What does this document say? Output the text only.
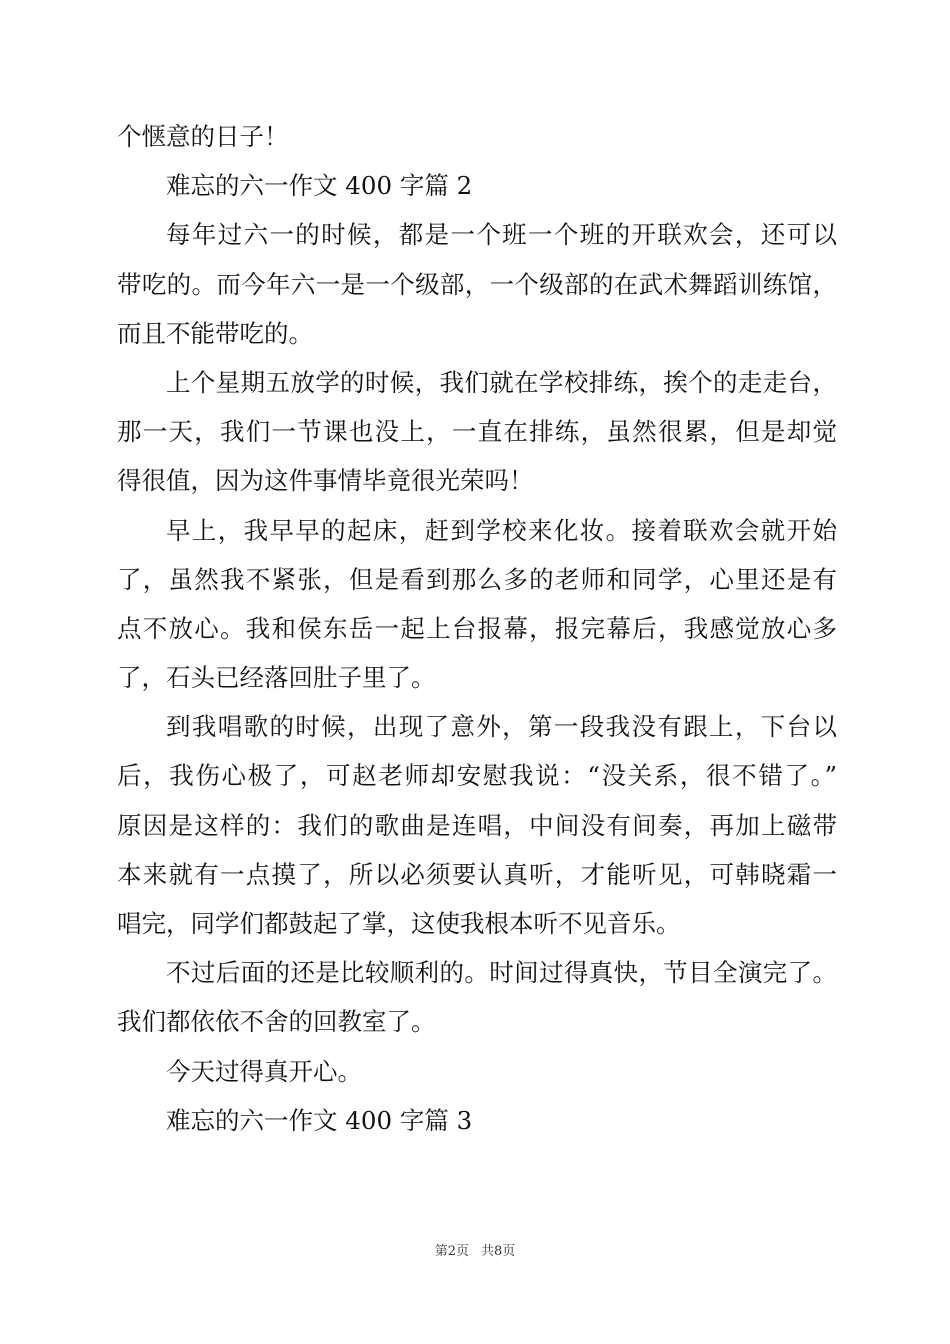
个惬意的日子！
难忘的六一作文 400 字篇 2
每年过六一的时候，都是一个班一个班的开联欢会，还可以
带吃的。而今年六一是一个级部，一个级部的在武术舞蹈训练馆，
而且不能带吃的。
上个星期五放学的时候，我们就在学校排练，挨个的走走台，
那一天，我们一节课也没上，一直在排练，虽然很累，但是却觉
得很值，因为这件事情毕竟很光荣吗！
早上，我早早的起床，赶到学校来化妆。接着联欢会就开始
了，虽然我不紧张，但是看到那么多的老师和同学，心里还是有
点不放心。我和侯东岳一起上台报幕，报完幕后，我感觉放心多
了，石头已经落回肚子里了。
到我唱歌的时候，出现了意外，第一段我没有跟上，下台以
后，我伤心极了，可赵老师却安慰我说：“没关系，很不错了。”
原因是这样的：我们的歌曲是连唱，中间没有间奏，再加上磁带
本来就有一点摸了，所以必须要认真听，才能听见，可韩晓霜一
唱完，同学们都鼓起了掌，这使我根本听不见音乐。
不过后面的还是比较顺利的。时间过得真快，节目全演完了。
我们都依依不舍的回教室了。
今天过得真开心。
难忘的六一作文 400 字篇 3
第2页 共8页
